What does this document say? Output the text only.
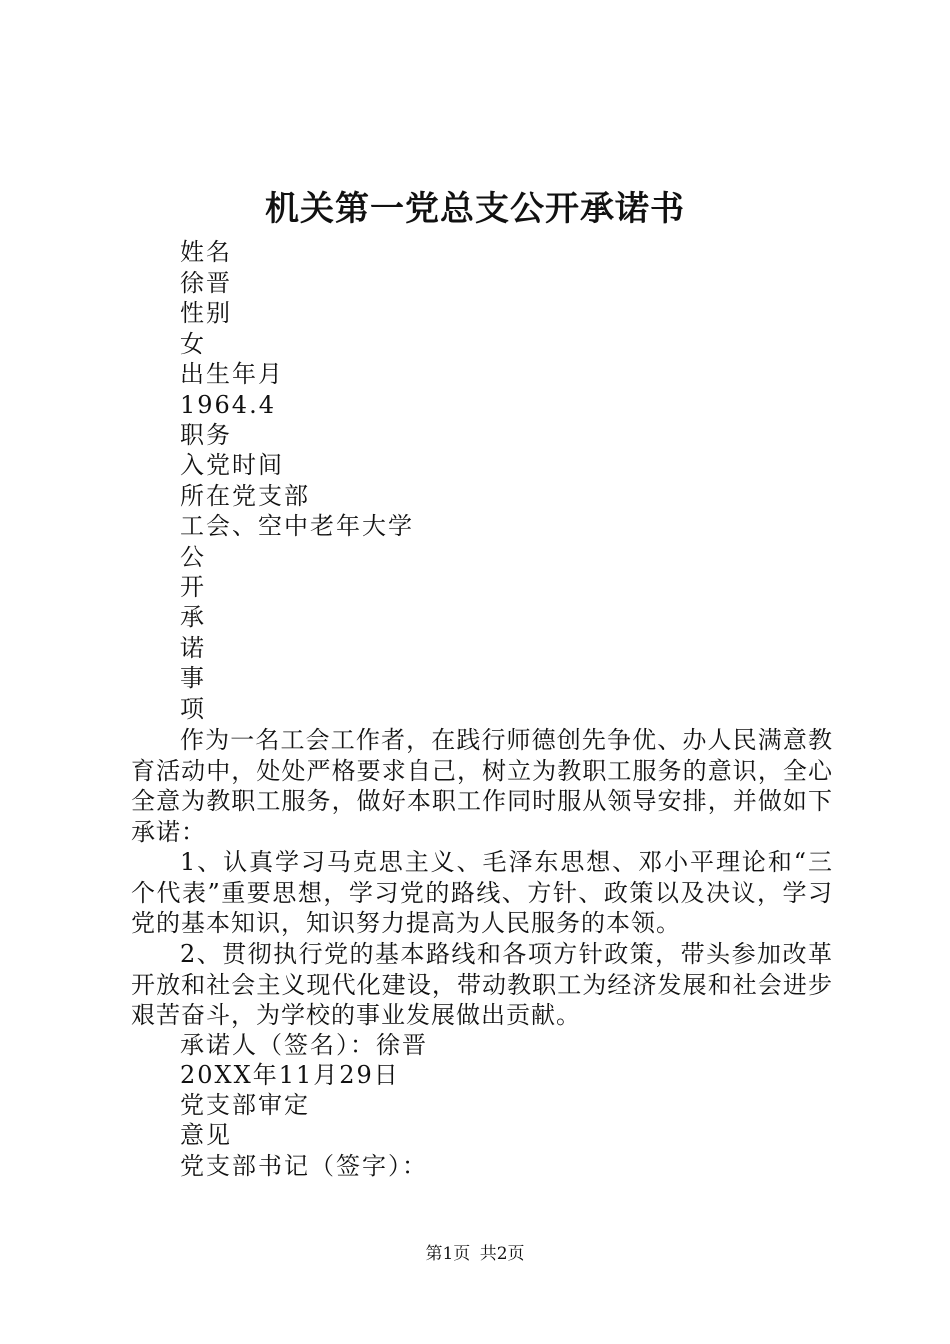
机关第一党总支公开承诺书
姓名
徐晋
性别
女
出生年月
1964.4
职务
入党时间
所在党支部
工会、空中老年大学
公
开
承
诺
事
项
作为一名工会工作者，在践行师德创先争优、办人民满意教育活动中，处处严格要求自己，树立为教职工服务的意识，全心全意为教职工服务，做好本职工作同时服从领导安排，并做如下承诺：
1、认真学习马克思主义、毛泽东思想、邓小平理论和“三个代表”重要思想，学习党的路线、方针、政策以及决议，学习党的基本知识，知识努力提高为人民服务的本领。
2、贯彻执行党的基本路线和各项方针政策，带头参加改革开放和社会主义现代化建设，带动教职工为经济发展和社会进步艰苦奋斗，为学校的事业发展做出贡献。
承诺人（签名）：徐晋
20XX年11月29日
党支部审定
意见
党支部书记（签字）：
第1页 共2页
